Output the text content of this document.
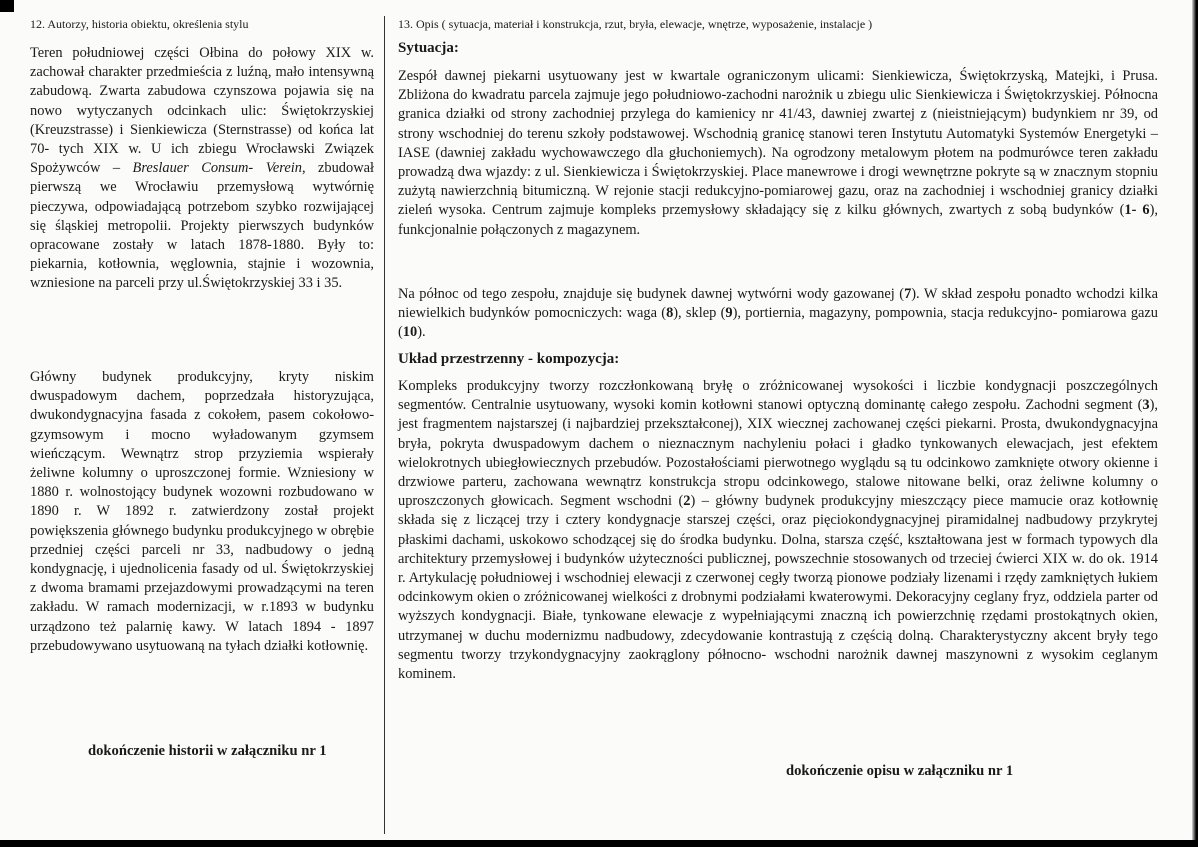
12. Autorzy, historia obiektu, określenia stylu

Teren południowej części Ołbina do połowy XIX w. zachował charakter przedmieścia z luźną, mało intensywną zabudową. Zwarta zabudowa czynszowa pojawia się na nowo wytyczanych odcinkach ulic: Świętokrzyskiej (Kreuzstrasse) i Sienkiewicza (Sternstrasse) od końca lat 70- tych XIX w. U ich zbiegu Wrocławski Związek Spożywców – Breslauer Consum- Verein, zbudował pierwszą we Wrocławiu przemysłową wytwórnię pieczywa, odpowiadającą potrzebom szybko rozwijającej się śląskiej metropolii. Projekty pierwszych budynków opracowane zostały w latach 1878-1880. Były to: piekarnia, kotłownia, węglownia, stajnie i wozownia, wzniesione na parceli przy ul.Świętokrzyskiej 33 i 35.

Główny budynek produkcyjny, kryty niskim dwuspadowym dachem, poprzedzała historyzująca, dwukondygnacyjna fasada z cokołem, pasem cokołowo-gzymsowym i mocno wyładowanym gzymsem wieńczącym. Wewnątrz strop przyziemia wspierały żeliwne kolumny o uproszczonej formie. Wzniesiony w 1880 r. wolnostojący budynek wozowni rozbudowano w 1890 r. W 1892 r. zatwierdzony został projekt powiększenia głównego budynku produkcyjnego w obrębie przedniej części parceli nr 33, nadbudowy o jedną kondygnację, i ujednolicenia fasady od ul. Świętokrzyskiej z dwoma bramami przejazdowymi prowadzącymi na teren zakładu. W ramach modernizacji, w r.1893 w budynku urządzono też palarnię kawy. W latach 1894 - 1897 przebudowywano usytuowaną na tyłach działki kotłownię.

dokończenie historii w załączniku nr 1
13. Opis ( sytuacja, materiał i konstrukcja, rzut, bryła, elewacje, wnętrze, wyposażenie, instalacje )
Sytuacja:

Zespół dawnej piekarni usytuowany jest w kwartale ograniczonym ulicami: Sienkiewicza, Świętokrzyską, Matejki, i Prusa. Zbliżona do kwadratu parcela zajmuje jego południowo-zachodni narożnik u zbiegu ulic Sienkiewicza i Świętokrzyskiej. Północna granica działki od strony zachodniej przylega do kamienicy nr 41/43, dawniej zwartej z (nieistniejącym) budynkiem nr 39, od strony wschodniej do terenu szkoły podstawowej. Wschodnią granicę stanowi teren Instytutu Automatyki Systemów Energetyki – IASE (dawniej zakładu wychowawczego dla głuchoniemych). Na ogrodzony metalowym płotem na podmurówce teren zakładu prowadzą dwa wjazdy: z ul. Sienkiewicza i Świętokrzyskiej. Place manewrowe i drogi wewnętrzne pokryte są w znacznym stopniu zużytą nawierzchnią bitumiczną. W rejonie stacji redukcyjno-pomiarowej gazu, oraz na zachodniej i wschodniej granicy działki zieleń wysoka. Centrum zajmuje kompleks przemysłowy składający się z kilku głównych, zwartych z sobą budynków (1- 6), funkcjonalnie połączonych z magazynem.

Na północ od tego zespołu, znajduje się budynek dawnej wytwórni wody gazowanej (7). W skład zespołu ponadto wchodzi kilka niewielkich budynków pomocniczych: waga (8), sklep (9), portiernia, magazyny, pompownia, stacja redukcyjno- pomiarowa gazu (10).

Układ przestrzenny - kompozycja:

Kompleks produkcyjny tworzy rozczłonkowaną bryłę o zróżnicowanej wysokości i liczbie kondygnacji poszczególnych segmentów. Centralnie usytuowany, wysoki komin kotłowni stanowi optyczną dominantę całego zespołu. Zachodni segment (3), jest fragmentem najstarszej (i najbardziej przekształconej), XIX wiecznej zachowanej części piekarni. Prosta, dwukondygnacyjna bryła, pokryta dwuspadowym dachem o nieznacznym nachyleniu połaci i gładko tynkowanych elewacjach, jest efektem wielokrotnych ubiegłowiecznych przebudów. Pozostałościami pierwotnego wyglądu są tu odcinkowo zamknięte otwory okienne i drzwiowe parteru, zachowana wewnątrz konstrukcja stropu odcinkowego, stalowe nitowane belki, oraz żeliwne kolumny o uproszczonych głowicach. Segment wschodni (2) – główny budynek produkcyjny mieszczący piece mamucie oraz kotłownię składa się z liczącej trzy i cztery kondygnacje starszej części, oraz pięciokondygnacyjnej piramidalnej nadbudowy przykrytej płaskimi dachami, uskokowo schodzącej się do środka budynku. Dolna, starsza część, kształtowana jest w formach typowych dla architektury przemysłowej i budynków użyteczności publicznej, powszechnie stosowanych od trzeciej ćwierci XIX w. do ok. 1914 r. Artykulację południowej i wschodniej elewacji z czerwonej cegły tworzą pionowe podziały lizenami i rzędy zamkniętych łukiem odcinkowym okien o zróżnicowanej wielkości z drobnymi podziałami kwaterowymi. Dekoracyjny ceglany fryz, oddziela parter od wyższych kondygnacji. Białe, tynkowane elewacje z wypełniającymi znaczną ich powierzchnię rzędami prostokątnych okien, utrzymanej w duchu modernizmu nadbudowy, zdecydowanie kontrastują z częścią dolną. Charakterystyczny akcent bryły tego segmentu tworzy trzykondygnacyjny zaokrąglony północno- wschodni narożnik dawnej maszynowni z wysokim ceglanym kominem.

dokończenie opisu w załączniku nr 1
